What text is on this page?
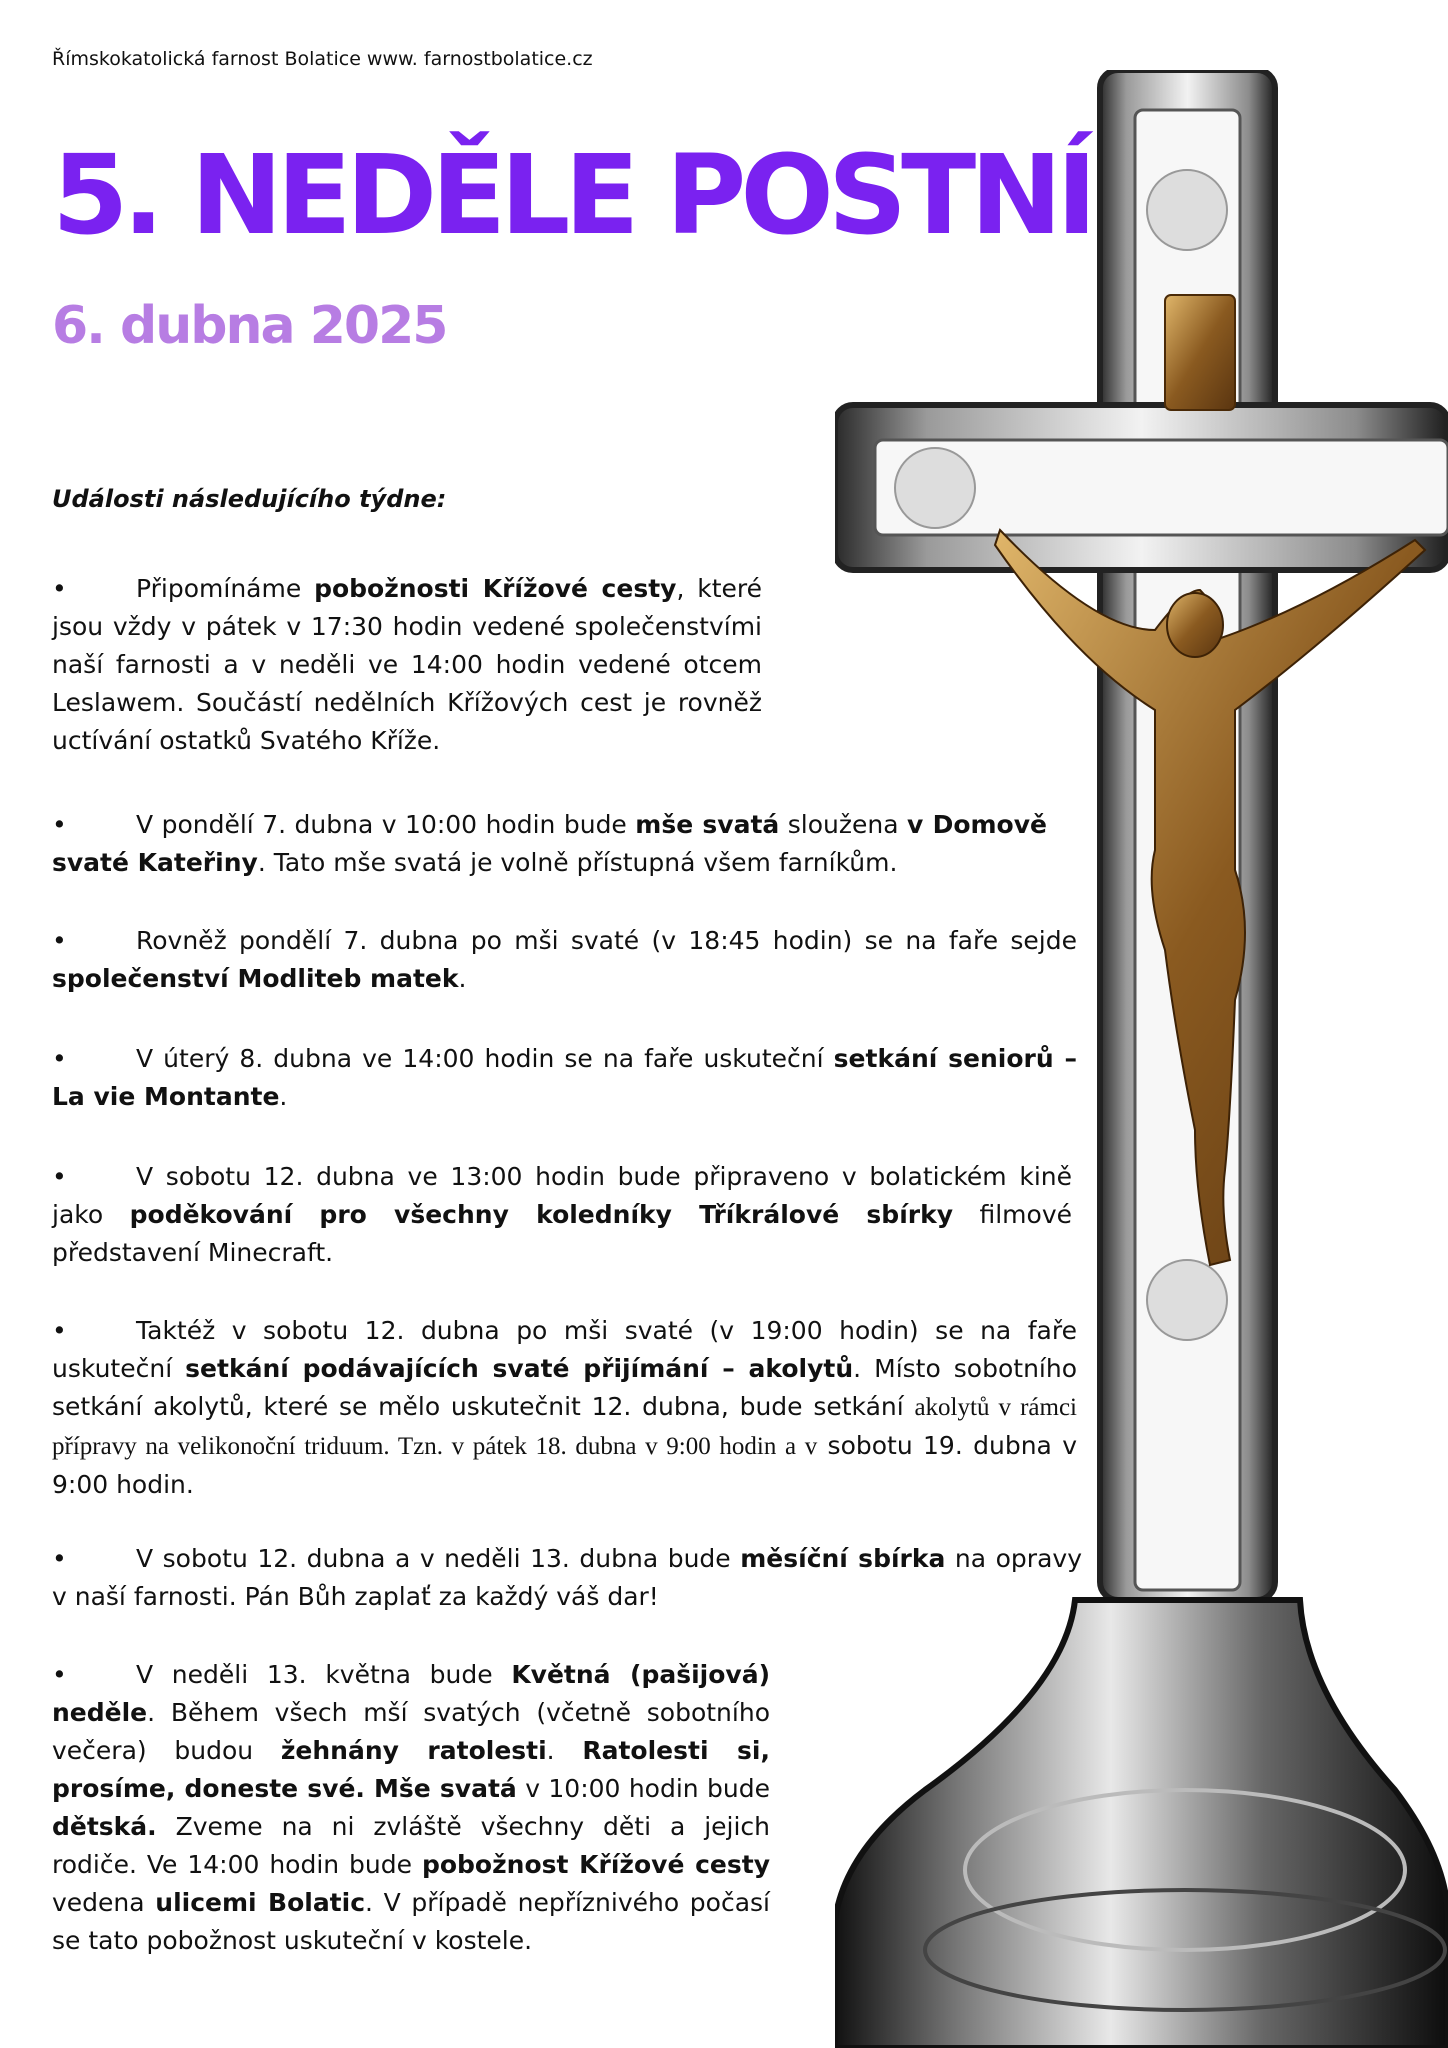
Římskokatolická farnost Bolatice www. farnostbolatice.cz
5. NEDĚLE POSTNÍ
6. dubna 2025
Události následujícího týdne:
•	Připomínáme pobožnosti Křížové cesty, které jsou vždy v pátek v 17:30 hodin vedené společenstvími naší farnosti a v neděli ve 14:00 hodin vedené otcem Leslawem. Součástí nedělních Křížových cest je rovněž uctívání ostatků Svatého Kříže.
•	V pondělí 7. dubna v 10:00 hodin bude mše svatá sloužena v Domově svaté Kateřiny. Tato mše svatá je volně přístupná všem farníkům.
•	Rovněž pondělí 7. dubna po mši svaté (v 18:45 hodin) se na faře sejde společenství Modliteb matek.
•	V úterý 8. dubna ve 14:00 hodin se na faře uskuteční setkání seniorů – La vie Montante.
•	V sobotu 12. dubna ve 13:00 hodin bude připraveno v bolatickém kině jako poděkování pro všechny koledníky Tříkrálové sbírky filmové představení Minecraft.
•	Taktéž v sobotu 12. dubna po mši svaté (v 19:00 hodin) se na faře uskuteční setkání podávajících svaté přijímání – akolytů. Místo sobotního setkání akolytů, které se mělo uskutečnit 12. dubna, bude setkání akolytů v rámci přípravy na velikonoční triduum. Tzn. v pátek 18. dubna v 9:00 hodin a v sobotu 19. dubna v 9:00 hodin.
•	V sobotu 12. dubna a v neděli 13. dubna bude měsíční sbírka na opravy v naší farnosti. Pán Bůh zaplať za každý váš dar!
•	V neděli 13. května bude Květná (pašijová) neděle. Během všech mší svatých (včetně sobotního večera) budou žehnány ratolesti. Ratolesti si, prosíme, doneste své. Mše svatá v 10:00 hodin bude dětská. Zveme na ni zvláště všechny děti a jejich rodiče. Ve 14:00 hodin bude pobožnost Křížové cesty vedena ulicemi Bolatic. V případě nepříznivého počasí se tato pobožnost uskuteční v kostele.
